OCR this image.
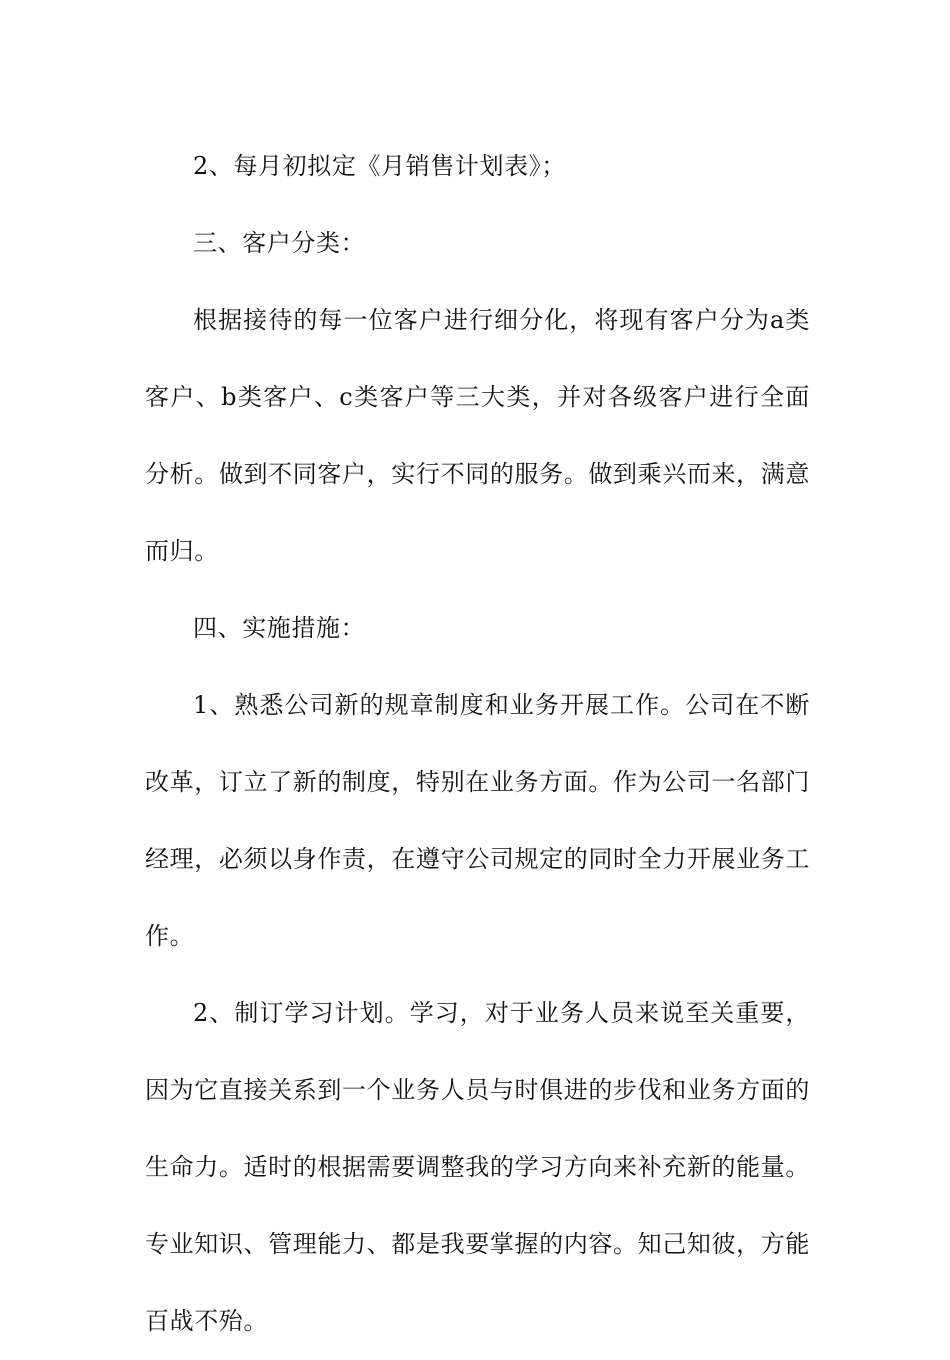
2、每月初拟定《月销售计划表》；

三、客户分类：

根据接待的每一位客户进行细分化，将现有客户分为a类客户、b类客户、c类客户等三大类，并对各级客户进行全面分析。做到不同客户，实行不同的服务。做到乘兴而来，满意而归。

四、实施措施：

1、熟悉公司新的规章制度和业务开展工作。公司在不断改革，订立了新的制度，特别在业务方面。作为公司一名部门经理，必须以身作责，在遵守公司规定的同时全力开展业务工作。

2、制订学习计划。学习，对于业务人员来说至关重要，因为它直接关系到一个业务人员与时俱进的步伐和业务方面的生命力。适时的根据需要调整我的学习方向来补充新的能量。专业知识、管理能力、都是我要掌握的内容。知己知彼，方能百战不殆。
